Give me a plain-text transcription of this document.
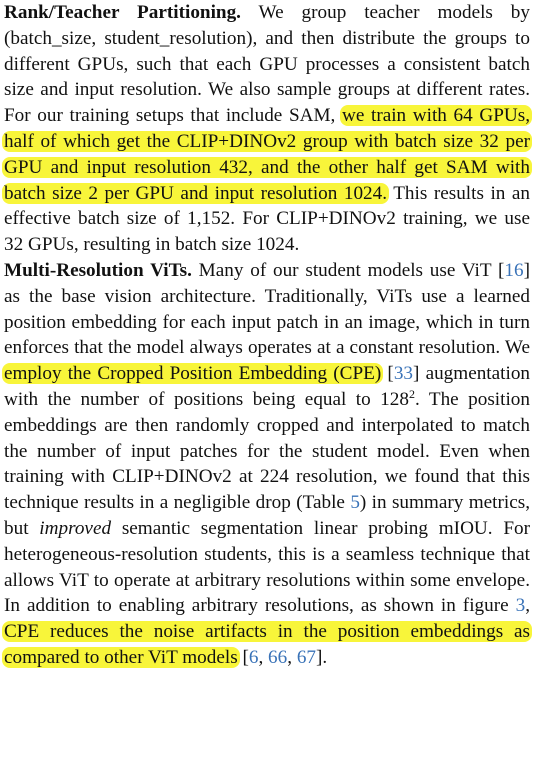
Rank/Teacher Partitioning. We group teacher models by (batch_size, student_resolution), and then distribute the groups to different GPUs, such that each GPU processes a consistent batch size and input resolution. We also sample groups at different rates. For our training setups that include SAM, we train with 64 GPUs, half of which get the CLIP+DINOv2 group with batch size 32 per GPU and input resolution 432, and the other half get SAM with batch size 2 per GPU and input resolution 1024. This results in an effective batch size of 1,152. For CLIP+DINOv2 training, we use 32 GPUs, resulting in batch size 1024.

Multi-Resolution ViTs. Many of our student models use ViT [16] as the base vision architecture. Traditionally, ViTs use a learned position embedding for each input patch in an image, which in turn enforces that the model always operates at a constant resolution. We employ the Cropped Position Embedding (CPE) [33] augmentation with the number of positions being equal to $128^2$. The position embeddings are then randomly cropped and interpolated to match the number of input patches for the student model. Even when training with CLIP+DINOv2 at 224 resolution, we found that this technique results in a negligible drop (Table 5) in summary metrics, but improved semantic segmentation linear probing mIOU. For heterogeneous-resolution students, this is a seamless technique that allows ViT to operate at arbitrary resolutions within some envelope. In addition to enabling arbitrary resolutions, as shown in figure 3, CPE reduces the noise artifacts in the position embeddings as compared to other ViT models [6, 66, 67].
